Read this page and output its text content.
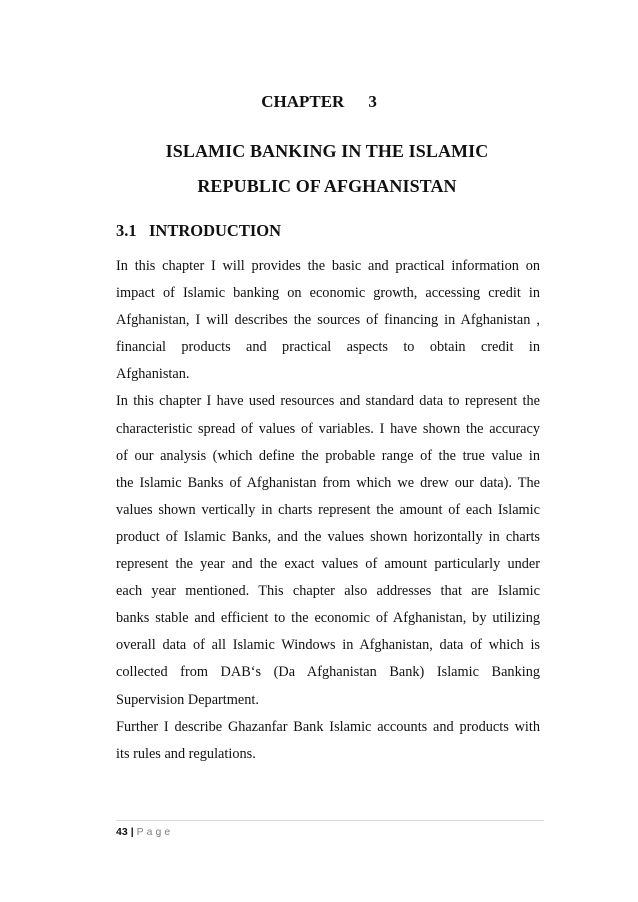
CHAPTER 3
ISLAMIC BANKING IN THE ISLAMIC
REPUBLIC OF AFGHANISTAN
3.1 INTRODUCTION
In this chapter I will provides the basic and practical information on
impact of Islamic banking on economic growth, accessing credit in
Afghanistan, I will describes the sources of financing in Afghanistan ,
financial products and practical aspects to obtain credit in
Afghanistan.
In this chapter I have used resources and standard data to represent the
characteristic spread of values of variables. I have shown the accuracy
of our analysis (which define the probable range of the true value in
the Islamic Banks of Afghanistan from which we drew our data). The
values shown vertically in charts represent the amount of each Islamic
product of Islamic Banks, and the values shown horizontally in charts
represent the year and the exact values of amount particularly under
each year mentioned. This chapter also addresses that are Islamic
banks stable and efficient to the economic of Afghanistan, by utilizing
overall data of all Islamic Windows in Afghanistan, data of which is
collected from DAB‘s (Da Afghanistan Bank) Islamic Banking
Supervision Department.
Further I describe Ghazanfar Bank Islamic accounts and products with
its rules and regulations.
43 | Page
